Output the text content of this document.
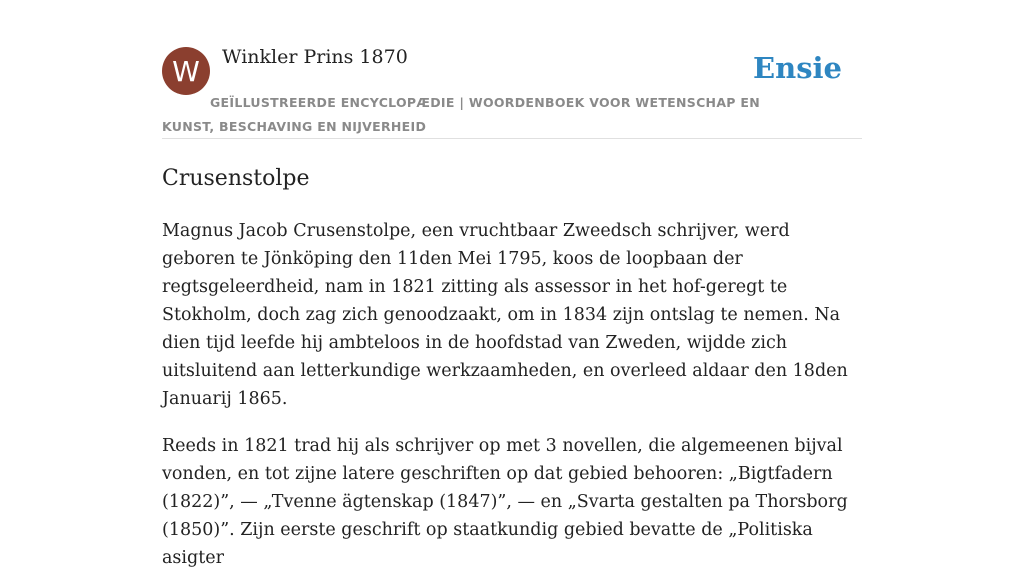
W	Winkler Prins 1870	Ensie
GEÏLLUSTREERDE ENCYCLOPÆDIE | WOORDENBOEK VOOR WETENSCHAP EN KUNST, BESCHAVING EN NIJVERHEID
Crusenstolpe

Magnus Jacob Crusenstolpe, een vruchtbaar Zweedsch schrijver, werd geboren te Jönköping den 11den Mei 1795, koos de loopbaan der regtsgeleerdheid, nam in 1821 zitting als assessor in het hof-geregt te Stokholm, doch zag zich genoodzaakt, om in 1834 zijn ontslag te nemen. Na dien tijd leefde hij ambteloos in de hoofdstad van Zweden, wijdde zich uitsluitend aan letterkundige werkzaamheden, en overleed aldaar den 18den Januarij 1865.

Reeds in 1821 trad hij als schrijver op met 3 novellen, die algemeenen bijval vonden, en tot zijne latere geschriften op dat gebied behooren: „Bigtfadern (1822)”, — „Tvenne ägtenskap (1847)”, — en „Svarta gestalten pa Thorsborg (1850)”. Zijn eerste geschrift op staatkundig gebied bevatte de „Politiska asigter
